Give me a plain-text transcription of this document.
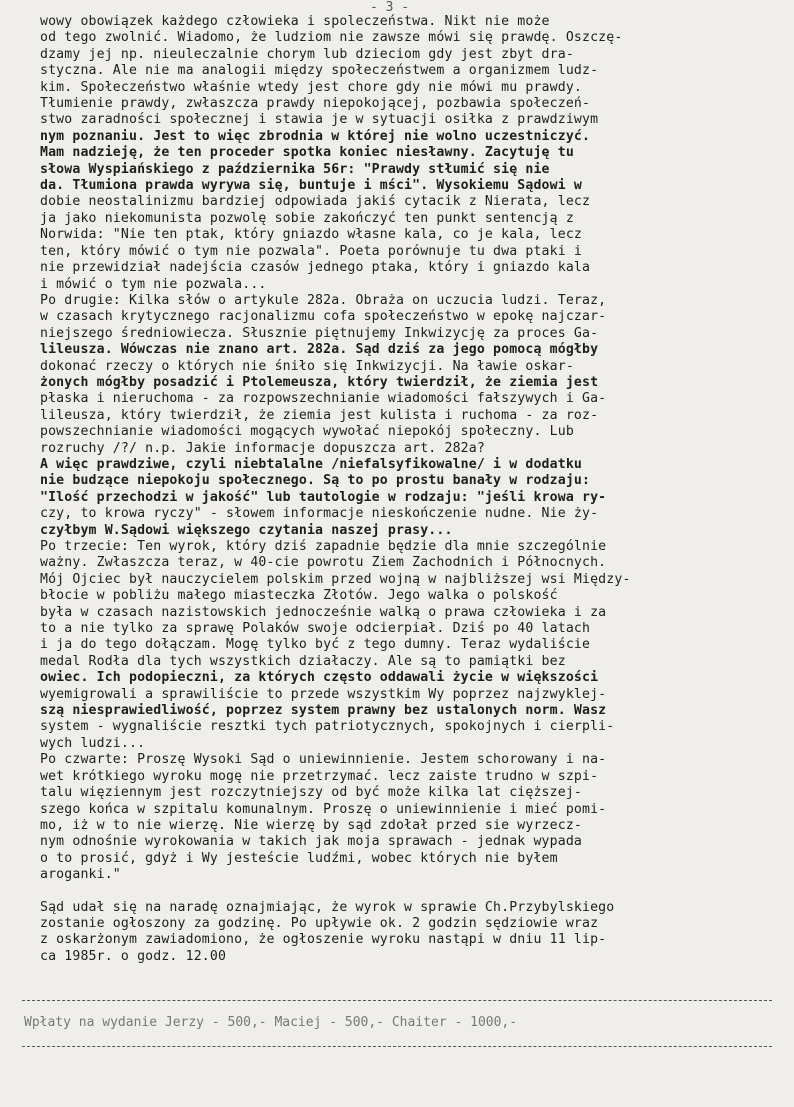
- 3 -
wowy obowiązek każdego człowieka i spoleczeństwa. Nikt nie może
od tego zwolnić. Wiadomo, że ludziom nie zawsze mówi się prawdę. Oszczę-
dzamy jej np. nieuleczalnie chorym lub dzieciom gdy jest zbyt dra-
styczna. Ale nie ma analogii między społeczeństwem a organizmem ludz-
kim. Społeczeństwo właśnie wtedy jest chore gdy nie mówi mu prawdy.
Tłumienie prawdy, zwłaszcza prawdy niepokojącej, pozbawia społeczeń-
stwo zaradności społecznej i stawia je w sytuacji osiłka z prawdziwym
nym poznaniu. Jest to więc zbrodnia w której nie wolno uczestniczyć.
Mam nadzieję, że ten proceder spotka koniec niesławny. Zacytuję tu
słowa Wyspiańskiego z października 56r: "Prawdy stłumić się nie
da. Tłumiona prawda wyrywa się, buntuje i mści". Wysokiemu Sądowi w
dobie neostalinizmu bardziej odpowiada jakiś cytacik z Nierata, lecz
ja jako niekomunista pozwolę sobie zakończyć ten punkt sentencją z
Norwida: "Nie ten ptak, który gniazdo własne kala, co je kala, lecz
ten, który mówić o tym nie pozwala". Poeta porównuje tu dwa ptaki i
nie przewidział nadejścia czasów jednego ptaka, który i gniazdo kala
i mówić o tym nie pozwala...
Po drugie: Kilka słów o artykule 282a. Obraża on uczucia ludzi. Teraz,
w czasach krytycznego racjonalizmu cofa społeczeństwo w epokę najczar-
niejszego średniowiecza. Słusznie piętnujemy Inkwizycję za proces Ga-
lileusza. Wówczas nie znano art. 282a. Sąd dziś za jego pomocą mógłby
dokonać rzeczy o których nie śniło się Inkwizycji. Na ławie oskar-
żonych mógłby posadzić i Ptolemeusza, który twierdził, że ziemia jest
płaska i nieruchoma - za rozpowszechnianie wiadomości fałszywych i Ga-
lileusza, który twierdził, że ziemia jest kulista i ruchoma - za roz-
powszechnianie wiadomości mogących wywołać niepokój społeczny. Lub
rozruchy /?/ n.p. Jakie informacje dopuszcza art. 282a?
A więc prawdziwe, czyli niebtalalne /niefalsyfikowalne/ i w dodatku
nie budzące niepokoju społecznego. Są to po prostu banały w rodzaju:
"Ilość przechodzi w jakość" lub tautologie w rodzaju: "jeśli krowa ry-
czy, to krowa ryczy" - słowem informacje nieskończenie nudne. Nie ży-
czyłbym W.Sądowi większego czytania naszej prasy...
Po trzecie: Ten wyrok, który dziś zapadnie będzie dla mnie szczególnie
ważny. Zwłaszcza teraz, w 40-cie powrotu Ziem Zachodnich i Północnych.
Mój Ojciec był nauczycielem polskim przed wojną w najbliższej wsi Między-
błocie w pobliżu małego miasteczka Złotów. Jego walka o polskość
była w czasach nazistowskich jednocześnie walką o prawa człowieka i za
to a nie tylko za sprawę Polaków swoje odcierpiał. Dziś po 40 latach
i ja do tego dołączam. Mogę tylko być z tego dumny. Teraz wydaliście
medal Rodła dla tych wszystkich działaczy. Ale są to pamiątki bez
owiec. Ich podopieczni, za których często oddawali życie w większości
wyemigrowali a sprawiliście to przede wszystkim Wy poprzez najzwyklej-
szą niesprawiedliwość, poprzez system prawny bez ustalonych norm. Wasz
system - wygnaliście resztki tych patriotycznych, spokojnych i cierpli-
wych ludzi...
Po czwarte: Proszę Wysoki Sąd o uniewinnienie. Jestem schorowany i na-
wet krótkiego wyroku mogę nie przetrzymać. lecz zaiste trudno w szpi-
talu więziennym jest rozczytniejszy od być może kilka lat cięższej-
szego końca w szpitalu komunalnym. Proszę o uniewinnienie i mieć pomi-
mo, iż w to nie wierzę. Nie wierzę by sąd zdołał przed sie wyrzecz-
nym odnośnie wyrokowania w takich jak moja sprawach - jednak wypada
o to prosić, gdyż i Wy jesteście ludźmi, wobec których nie byłem
aroganki."
Sąd udał się na naradę oznajmiając, że wyrok w sprawie Ch.Przybylskiego
zostanie ogłoszony za godzinę. Po upływie ok. 2 godzin sędziowie wraz
z oskarżonym zawiadomiono, że ogłoszenie wyroku nastąpi w dniu 11 lip-
ca 1985r. o godz. 12.00
Wpłaty na wydanie Jerzy - 500,- Maciej - 500,- Chaiter - 1000,-
